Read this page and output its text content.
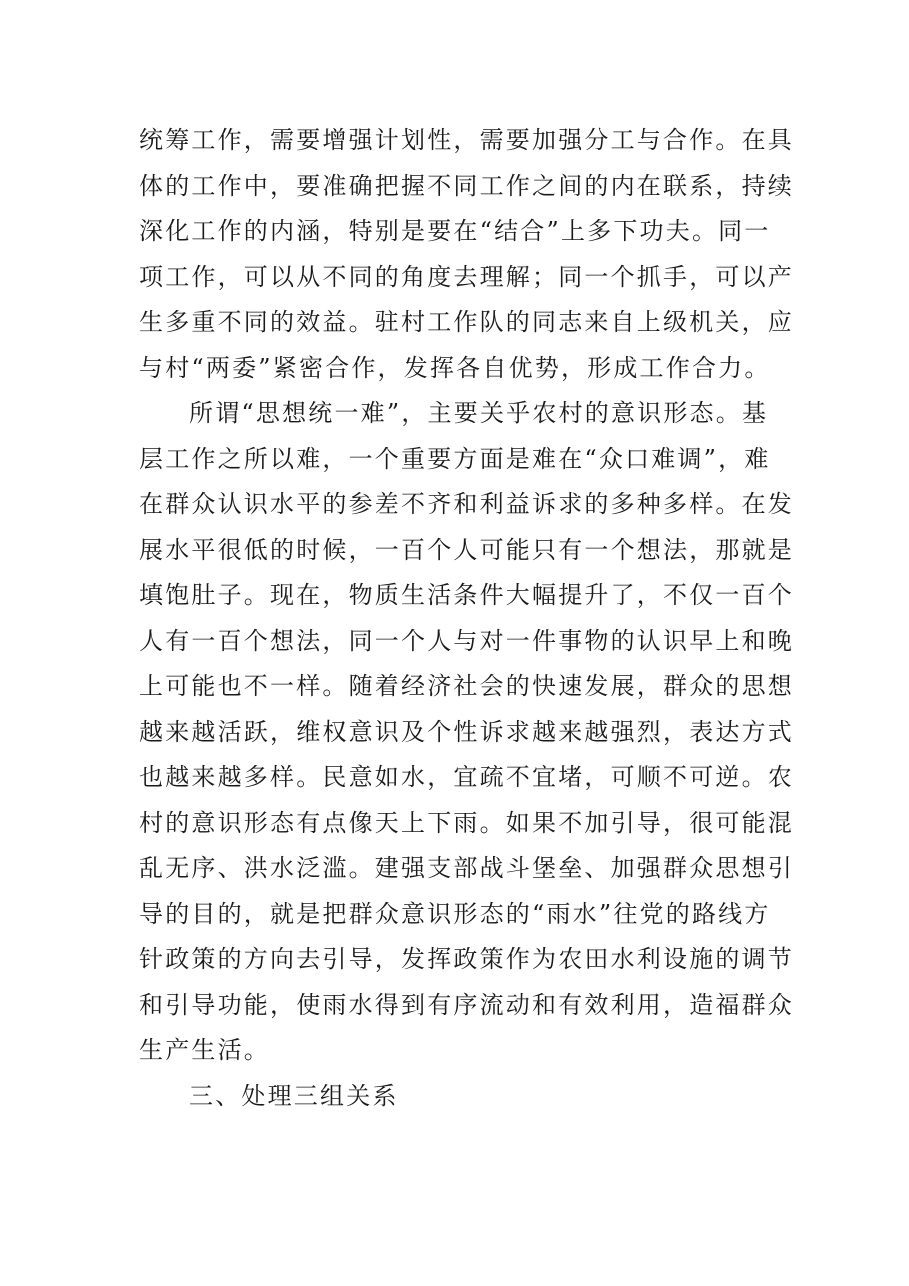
统筹工作，需要增强计划性，需要加强分工与合作。在具
体的工作中，要准确把握不同工作之间的内在联系，持续
深化工作的内涵，特别是要在“结合”上多下功夫。同一
项工作，可以从不同的角度去理解；同一个抓手，可以产
生多重不同的效益。驻村工作队的同志来自上级机关，应
与村“两委”紧密合作，发挥各自优势，形成工作合力。
所谓“思想统一难”，主要关乎农村的意识形态。基
层工作之所以难，一个重要方面是难在“众口难调”，难
在群众认识水平的参差不齐和利益诉求的多种多样。在发
展水平很低的时候，一百个人可能只有一个想法，那就是
填饱肚子。现在，物质生活条件大幅提升了，不仅一百个
人有一百个想法，同一个人与对一件事物的认识早上和晚
上可能也不一样。随着经济社会的快速发展，群众的思想
越来越活跃，维权意识及个性诉求越来越强烈，表达方式
也越来越多样。民意如水，宜疏不宜堵，可顺不可逆。农
村的意识形态有点像天上下雨。如果不加引导，很可能混
乱无序、洪水泛滥。建强支部战斗堡垒、加强群众思想引
导的目的，就是把群众意识形态的“雨水”往党的路线方
针政策的方向去引导，发挥政策作为农田水利设施的调节
和引导功能，使雨水得到有序流动和有效利用，造福群众
生产生活。
三、处理三组关系
